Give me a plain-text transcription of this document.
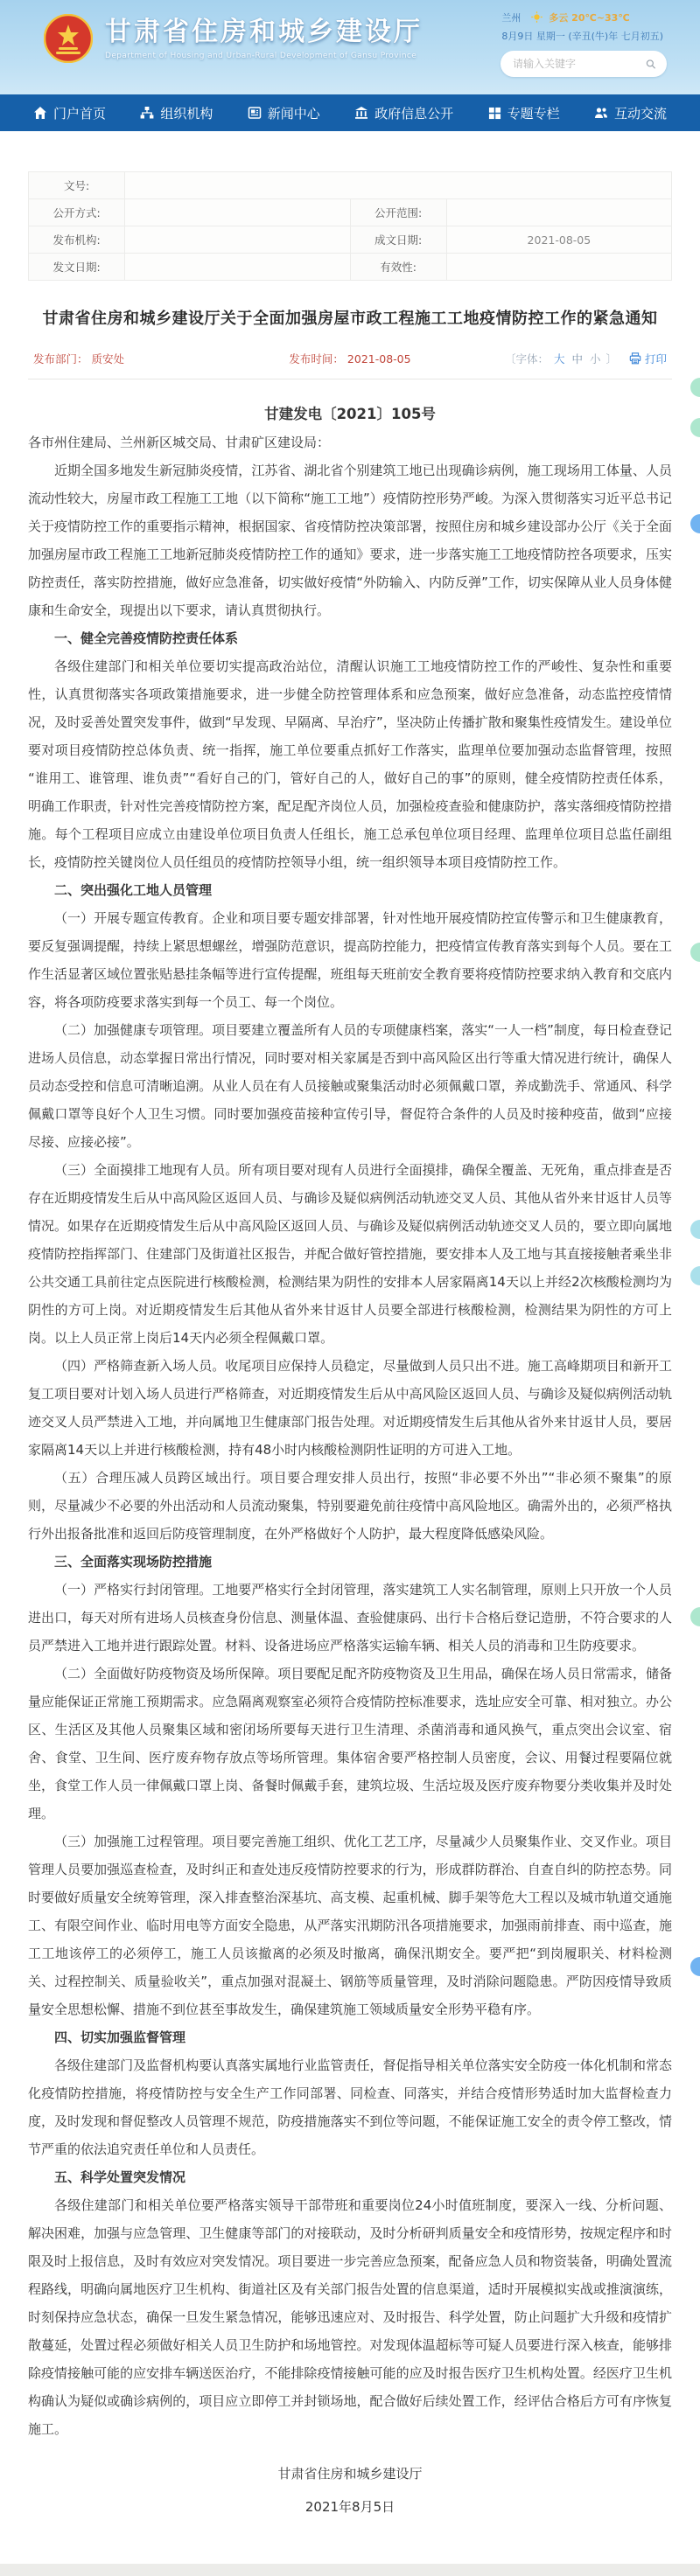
甘肃省住房和城乡建设厅
Department of Housing and Urban-Rural Development of Gansu Province
兰州	多云 20℃~33℃
8月9日 星期一 (辛丑(牛)年 七月初五)
请输入关键字
门户首页	组织机构	新闻中心	政府信息公开	专题专栏	互动交流
文号:			
公开方式:		公开范围:	
发布机构:		成文日期:	2021-08-05
发文日期:		有效性:	
甘肃省住房和城乡建设厅关于全面加强房屋市政工程施工工地疫情防控工作的紧急通知
发布部门： 质安处	发布时间： 2021-08-05	〔字体： 大 中 小 〕	打印
甘建发电〔2021〕105号

各市州住建局、兰州新区城交局、甘肃矿区建设局：

近期全国多地发生新冠肺炎疫情，江苏省、湖北省个别建筑工地已出现确诊病例，施工现场用工体量、人员流动性较大，房屋市政工程施工工地（以下简称“施工工地”）疫情防控形势严峻。为深入贯彻落实习近平总书记关于疫情防控工作的重要指示精神，根据国家、省疫情防控决策部署，按照住房和城乡建设部办公厅《关于全面加强房屋市政工程施工工地新冠肺炎疫情防控工作的通知》要求，进一步落实施工工地疫情防控各项要求，压实防控责任，落实防控措施，做好应急准备，切实做好疫情“外防输入、内防反弹”工作，切实保障从业人员身体健康和生命安全，现提出以下要求，请认真贯彻执行。

一、健全完善疫情防控责任体系

各级住建部门和相关单位要切实提高政治站位，清醒认识施工工地疫情防控工作的严峻性、复杂性和重要性，认真贯彻落实各项政策措施要求，进一步健全防控管理体系和应急预案，做好应急准备，动态监控疫情情况，及时妥善处置突发事件，做到“早发现、早隔离、早治疗”，坚决防止传播扩散和聚集性疫情发生。建设单位要对项目疫情防控总体负责、统一指挥，施工单位要重点抓好工作落实，监理单位要加强动态监督管理，按照“谁用工、谁管理、谁负责”“看好自己的门，管好自己的人，做好自己的事”的原则，健全疫情防控责任体系，明确工作职责，针对性完善疫情防控方案，配足配齐岗位人员，加强检疫查验和健康防护，落实落细疫情防控措施。每个工程项目应成立由建设单位项目负责人任组长，施工总承包单位项目经理、监理单位项目总监任副组长，疫情防控关键岗位人员任组员的疫情防控领导小组，统一组织领导本项目疫情防控工作。

二、突出强化工地人员管理

（一）开展专题宣传教育。企业和项目要专题安排部署，针对性地开展疫情防控宣传警示和卫生健康教育，要反复强调提醒，持续上紧思想螺丝，增强防范意识，提高防控能力，把疫情宣传教育落实到每个人员。要在工作生活显著区域位置张贴悬挂条幅等进行宣传提醒，班组每天班前安全教育要将疫情防控要求纳入教育和交底内容，将各项防疫要求落实到每一个员工、每一个岗位。

（二）加强健康专项管理。项目要建立覆盖所有人员的专项健康档案，落实“一人一档”制度，每日检查登记进场人员信息，动态掌握日常出行情况，同时要对相关家属是否到中高风险区出行等重大情况进行统计，确保人员动态受控和信息可清晰追溯。从业人员在有人员接触或聚集活动时必须佩戴口罩，养成勤洗手、常通风、科学佩戴口罩等良好个人卫生习惯。同时要加强疫苗接种宣传引导，督促符合条件的人员及时接种疫苗，做到“应接尽接、应接必接”。

（三）全面摸排工地现有人员。所有项目要对现有人员进行全面摸排，确保全覆盖、无死角，重点排查是否存在近期疫情发生后从中高风险区返回人员、与确诊及疑似病例活动轨迹交叉人员、其他从省外来甘返甘人员等情况。如果存在近期疫情发生后从中高风险区返回人员、与确诊及疑似病例活动轨迹交叉人员的，要立即向属地疫情防控指挥部门、住建部门及街道社区报告，并配合做好管控措施，要安排本人及工地与其直接接触者乘坐非公共交通工具前往定点医院进行核酸检测，检测结果为阴性的安排本人居家隔离14天以上并经2次核酸检测均为阴性的方可上岗。对近期疫情发生后其他从省外来甘返甘人员要全部进行核酸检测，检测结果为阴性的方可上岗。以上人员正常上岗后14天内必须全程佩戴口罩。

（四）严格筛查新入场人员。收尾项目应保持人员稳定，尽量做到人员只出不进。施工高峰期项目和新开工复工项目要对计划入场人员进行严格筛查，对近期疫情发生后从中高风险区返回人员、与确诊及疑似病例活动轨迹交叉人员严禁进入工地，并向属地卫生健康部门报告处理。对近期疫情发生后其他从省外来甘返甘人员，要居家隔离14天以上并进行核酸检测，持有48小时内核酸检测阴性证明的方可进入工地。

（五）合理压减人员跨区域出行。项目要合理安排人员出行，按照“非必要不外出”“非必须不聚集”的原则，尽量减少不必要的外出活动和人员流动聚集，特别要避免前往疫情中高风险地区。确需外出的，必须严格执行外出报备批准和返回后防疫管理制度，在外严格做好个人防护，最大程度降低感染风险。

三、全面落实现场防控措施

（一）严格实行封闭管理。工地要严格实行全封闭管理，落实建筑工人实名制管理，原则上只开放一个人员进出口，每天对所有进场人员核查身份信息、测量体温、查验健康码、出行卡合格后登记造册，不符合要求的人员严禁进入工地并进行跟踪处置。材料、设备进场应严格落实运输车辆、相关人员的消毒和卫生防疫要求。

（二）全面做好防疫物资及场所保障。项目要配足配齐防疫物资及卫生用品，确保在场人员日常需求，储备量应能保证正常施工预期需求。应急隔离观察室必须符合疫情防控标准要求，选址应安全可靠、相对独立。办公区、生活区及其他人员聚集区域和密闭场所要每天进行卫生清理、杀菌消毒和通风换气，重点突出会议室、宿舍、食堂、卫生间、医疗废弃物存放点等场所管理。集体宿舍要严格控制人员密度，会议、用餐过程要隔位就坐，食堂工作人员一律佩戴口罩上岗、备餐时佩戴手套，建筑垃圾、生活垃圾及医疗废弃物要分类收集并及时处理。

（三）加强施工过程管理。项目要完善施工组织、优化工艺工序，尽量减少人员聚集作业、交叉作业。项目管理人员要加强巡查检查，及时纠正和查处违反疫情防控要求的行为，形成群防群治、自查自纠的防控态势。同时要做好质量安全统筹管理，深入排查整治深基坑、高支模、起重机械、脚手架等危大工程以及城市轨道交通施工、有限空间作业、临时用电等方面安全隐患，从严落实汛期防汛各项措施要求，加强雨前排查、雨中巡查，施工工地该停工的必须停工，施工人员该撤离的必须及时撤离，确保汛期安全。要严把“到岗履职关、材料检测关、过程控制关、质量验收关”，重点加强对混凝土、钢筋等质量管理，及时消除问题隐患。严防因疫情导致质量安全思想松懈、措施不到位甚至事故发生，确保建筑施工领域质量安全形势平稳有序。

四、切实加强监督管理

各级住建部门及监督机构要认真落实属地行业监管责任，督促指导相关单位落实安全防疫一体化机制和常态化疫情防控措施，将疫情防控与安全生产工作同部署、同检查、同落实，并结合疫情形势适时加大监督检查力度，及时发现和督促整改人员管理不规范，防疫措施落实不到位等问题，不能保证施工安全的责令停工整改，情节严重的依法追究责任单位和人员责任。

五、科学处置突发情况

各级住建部门和相关单位要严格落实领导干部带班和重要岗位24小时值班制度，要深入一线、分析问题、解决困难，加强与应急管理、卫生健康等部门的对接联动，及时分析研判质量安全和疫情形势，按规定程序和时限及时上报信息，及时有效应对突发情况。项目要进一步完善应急预案，配备应急人员和物资装备，明确处置流程路线，明确向属地医疗卫生机构、街道社区及有关部门报告处置的信息渠道，适时开展模拟实战或推演演练，时刻保持应急状态，确保一旦发生紧急情况，能够迅速应对、及时报告、科学处置，防止问题扩大升级和疫情扩散蔓延，处置过程必须做好相关人员卫生防护和场地管控。对发现体温超标等可疑人员要进行深入核查，能够排除疫情接触可能的应安排车辆送医治疗，不能排除疫情接触可能的应及时报告医疗卫生机构处置。经医疗卫生机构确认为疑似或确诊病例的，项目应立即停工并封锁场地，配合做好后续处置工作，经评估合格后方可有序恢复施工。

甘肃省住房和城乡建设厅
2021年8月5日
